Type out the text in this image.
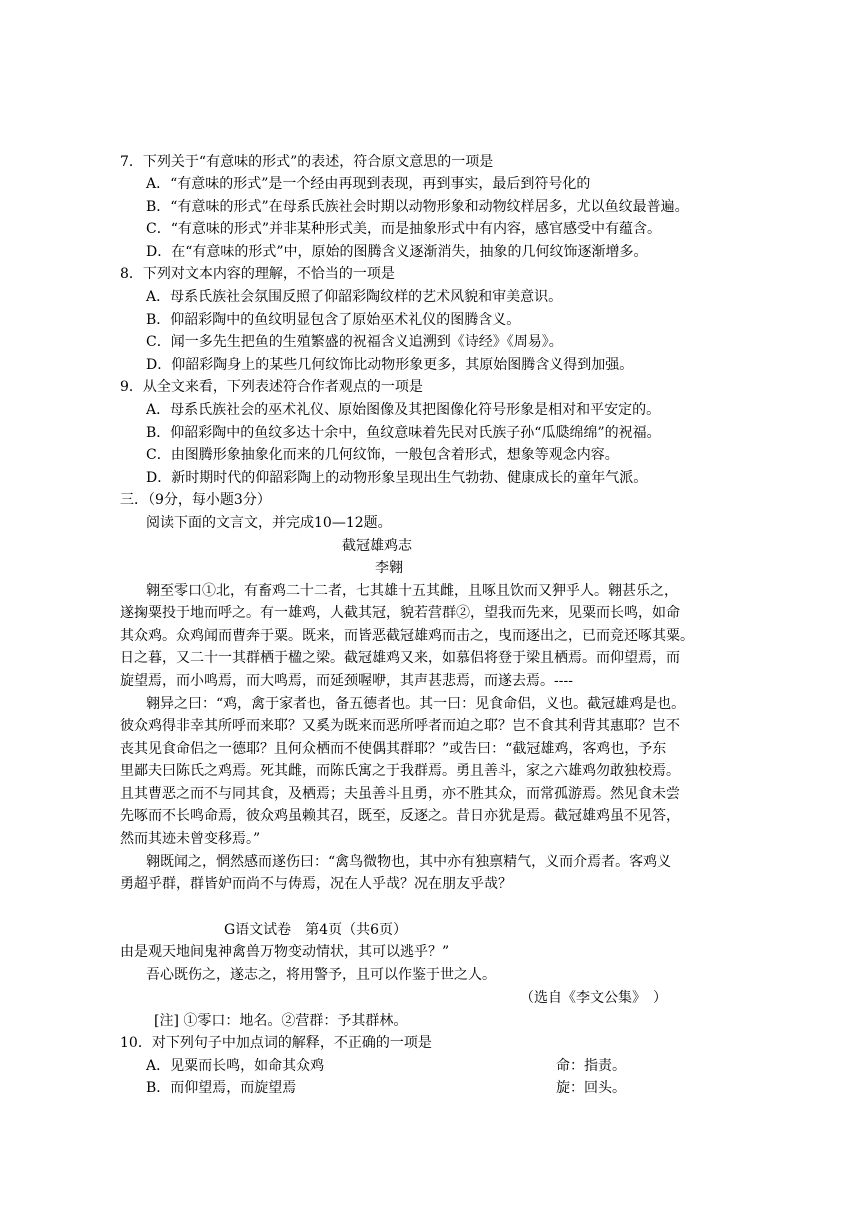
7．下列关于“有意味的形式”的表述，符合原文意思的一项是
A．“有意味的形式”是一个经由再现到表现，再到事实，最后到符号化的
B．“有意味的形式”在母系氏族社会时期以动物形象和动物纹样居多，尤以鱼纹最普遍。
C．“有意味的形式”并非某种形式美，而是抽象形式中有内容，感官感受中有蕴含。
D．在“有意味的形式”中，原始的图腾含义逐渐消失，抽象的几何纹饰逐渐增多。
8．下列对文本内容的理解，不恰当的一项是
A．母系氏族社会氛围反照了仰韶彩陶纹样的艺术风貌和审美意识。
B．仰韶彩陶中的鱼纹明显包含了原始巫术礼仪的图腾含义。
C．闻一多先生把鱼的生殖繁盛的祝福含义追溯到《诗经》《周易》。
D．仰韶彩陶身上的某些几何纹饰比动物形象更多，其原始图腾含义得到加强。
9．从全文来看，下列表述符合作者观点的一项是
A．母系氏族社会的巫术礼仪、原始图像及其把图像化符号形象是相对和平安定的。
B．仰韶彩陶中的鱼纹多达十余中，鱼纹意味着先民对氏族子孙“瓜瓞绵绵”的祝福。
C．由图腾形象抽象化而来的几何纹饰，一般包含着形式，想象等观念内容。
D．新时期时代的仰韶彩陶上的动物形象呈现出生气勃勃、健康成长的童年气派。
三．（9分，每小题3分）
阅读下面的文言文，并完成10—12题。
截冠雄鸡志
李翱
翱至零口①北，有畜鸡二十二者，七其雄十五其雌，且啄且饮而又狎乎人。翱甚乐之，
遂掬粟投于地而呼之。有一雄鸡，人截其冠，貌若营群②，望我而先来，见粟而长鸣，如命
其众鸡。众鸡闻而曹奔于粟。既来，而皆恶截冠雄鸡而击之，曳而逐出之，已而竞还啄其粟。
日之暮，又二十一其群栖于楹之梁。截冠雄鸡又来，如慕侣将登于梁且栖焉。而仰望焉，而
旋望焉，而小鸣焉，而大鸣焉，而延颈喔咿，其声甚悲焉，而遂去焉。----
翱异之曰：“鸡，禽于家者也，备五德者也。其一曰：见食命侣，义也。截冠雄鸡是也。
彼众鸡得非幸其所呼而来耶？又奚为既来而恶所呼者而迫之耶？岂不食其利背其惠耶？岂不
丧其见食命侣之一德耶？且何众栖而不使偶其群耶？”或告曰：“截冠雄鸡，客鸡也，予东
里鄙夫曰陈氏之鸡焉。死其雌，而陈氏寓之于我群焉。勇且善斗，家之六雄鸡勿敢独校焉。
且其曹恶之而不与同其食，及栖焉；夫虽善斗且勇，亦不胜其众，而常孤游焉。然见食未尝
先啄而不长鸣命焉，彼众鸡虽赖其召，既至，反逐之。昔日亦犹是焉。截冠雄鸡虽不见答，
然而其迹未曾变移焉。”
翱既闻之，惘然感而遂伤曰：“禽鸟微物也，其中亦有独禀精气，义而介焉者。客鸡义
勇超乎群，群皆妒而尚不与俦焉，况在人乎哉？况在朋友乎哉？
G语文试卷　第4页（共6页）
由是观天地间鬼神禽兽万物变动情状，其可以逃乎？”
吾心既伤之，遂志之，将用警予，且可以作鉴于世之人。
（选自《李文公集》　）
[注] ①零口：地名。②营群：予其群林。
10．对下列句子中加点词的解释，不正确的一项是
A．见粟而长鸣，如命其众鸡	命：指责。
B．而仰望焉，而旋望焉	旋：回头。
